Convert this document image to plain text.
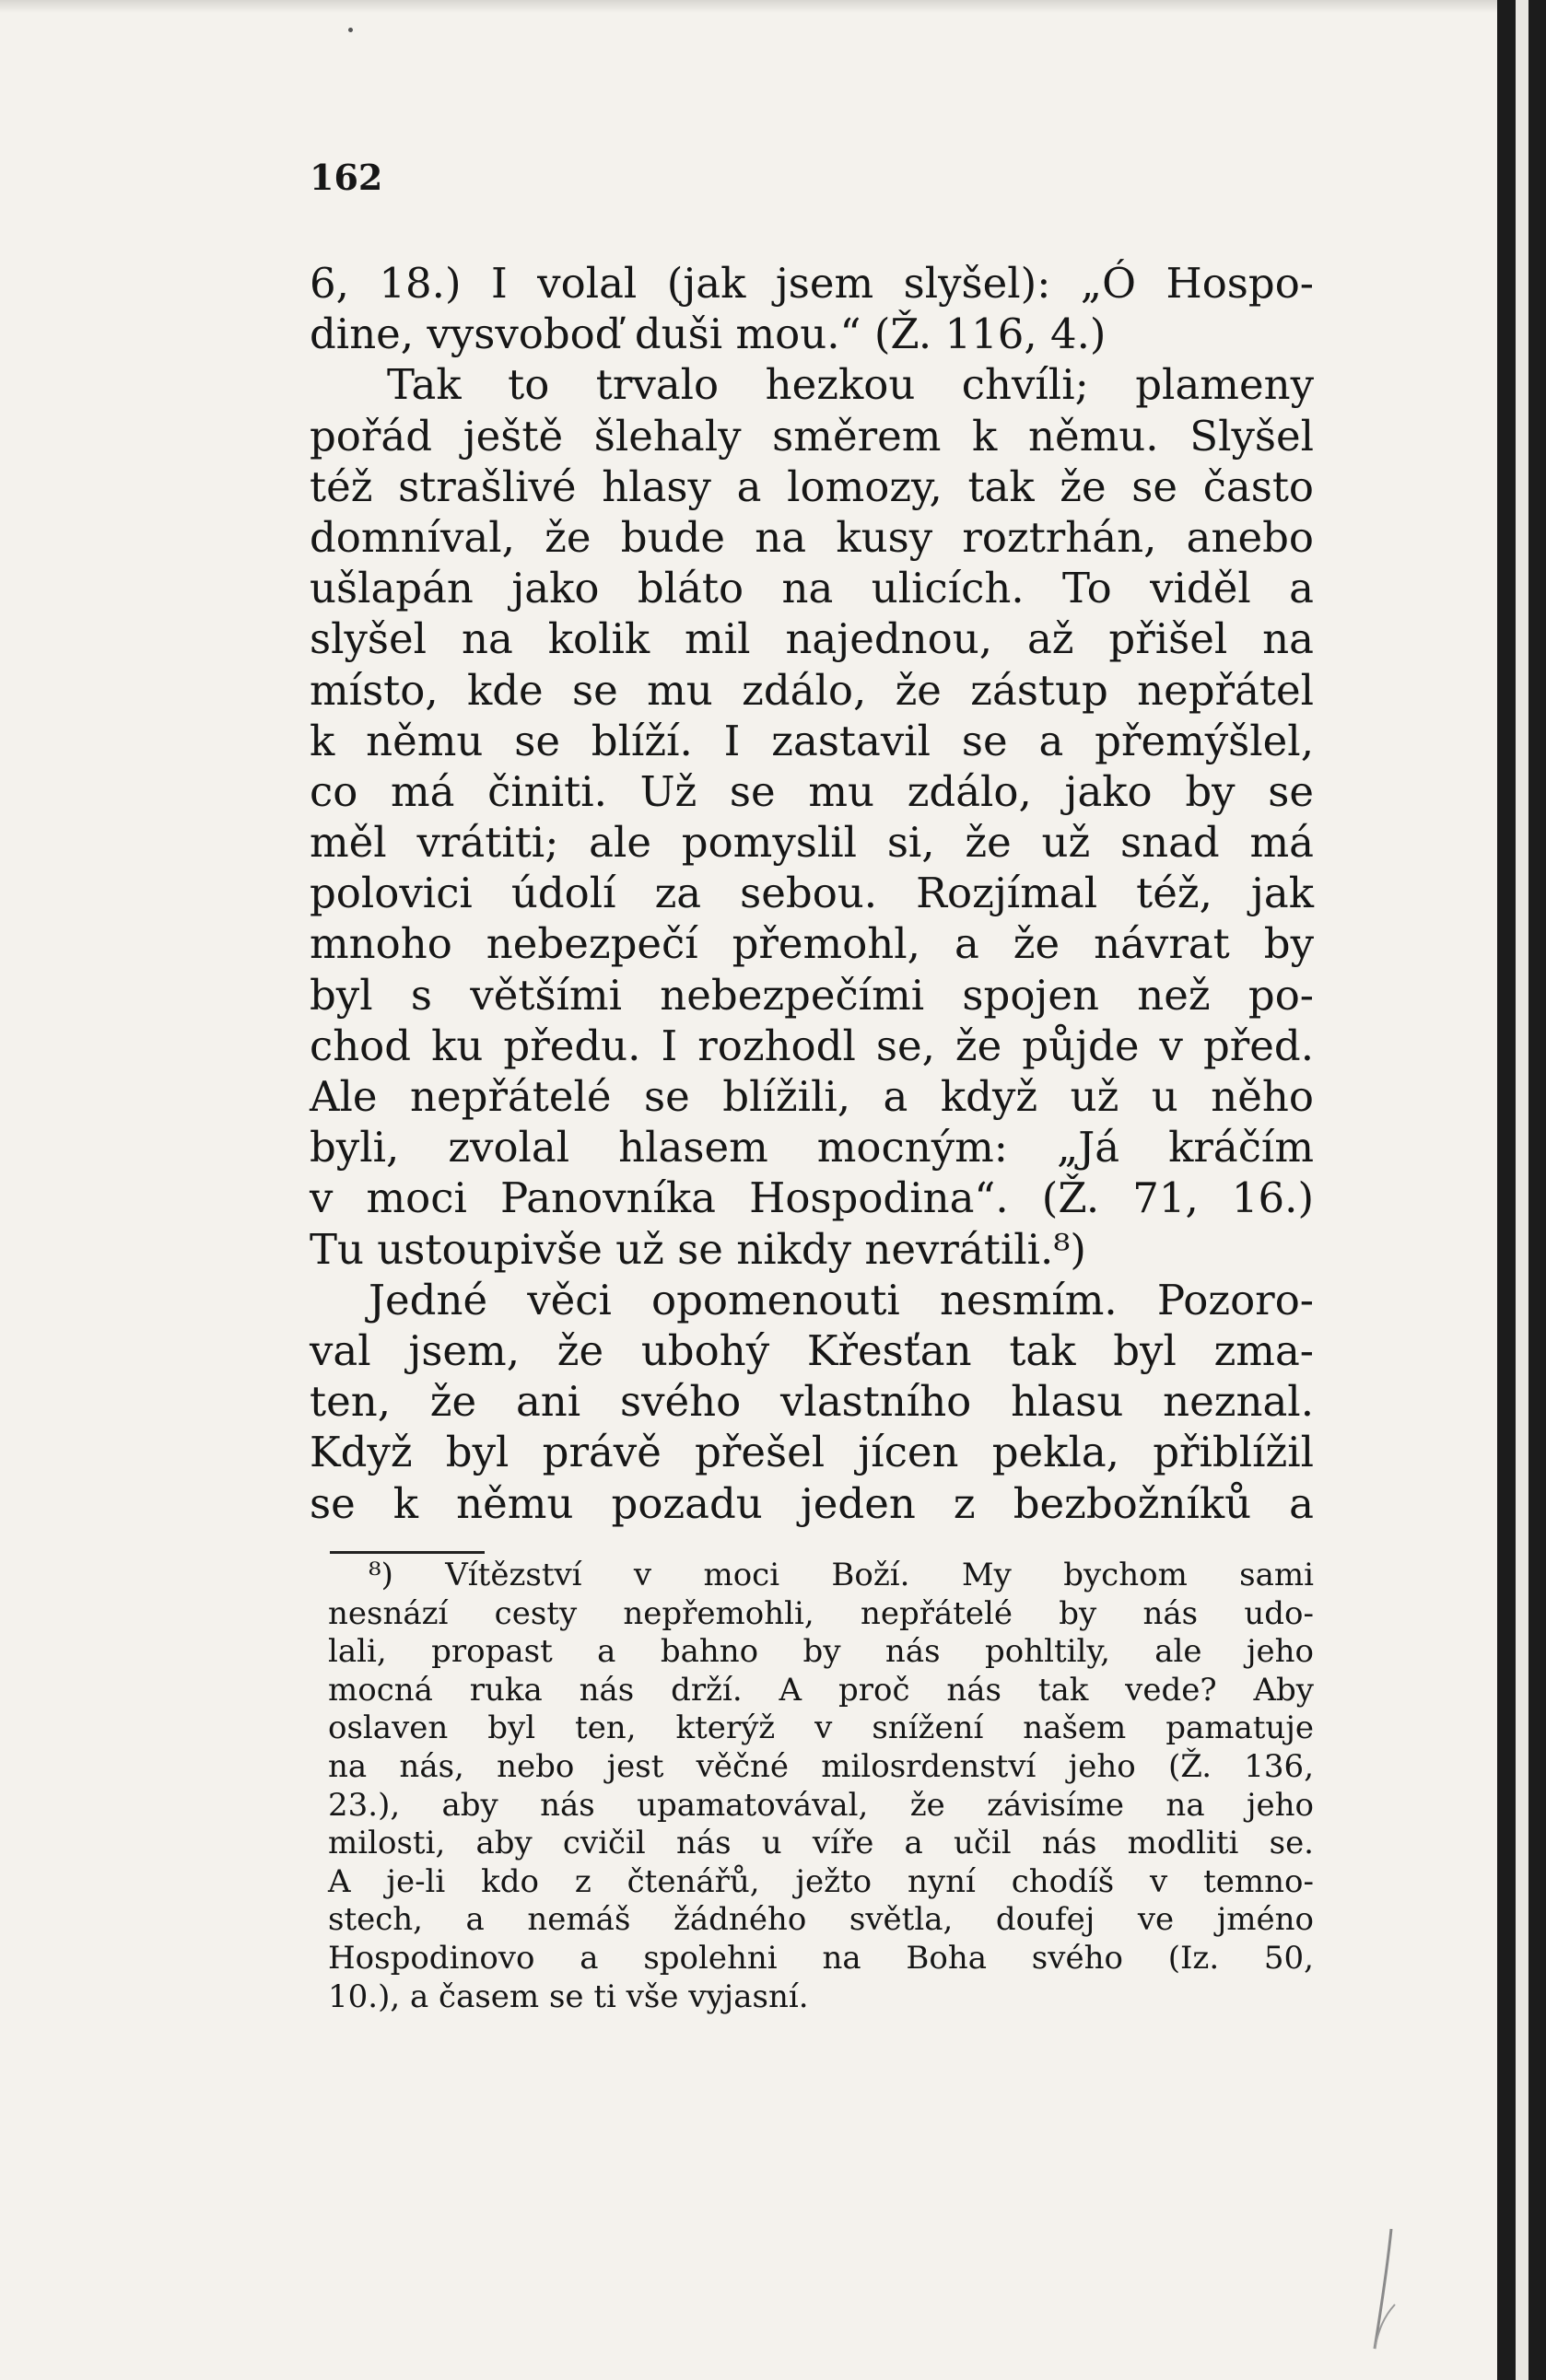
162
6, 18.) I volal (jak jsem slyšel): „Ó Hospo-
dine, vysvoboď duši mou.“ (Ž. 116, 4.)
Tak to trvalo hezkou chvíli; plameny
pořád ještě šlehaly směrem k němu. Slyšel
též strašlivé hlasy a lomozy, tak že se často
domníval, že bude na kusy roztrhán, anebo
ušlapán jako bláto na ulicích. To viděl a
slyšel na kolik mil najednou, až přišel na
místo, kde se mu zdálo, že zástup nepřátel
k němu se blíží. I zastavil se a přemýšlel,
co má činiti. Už se mu zdálo, jako by se
měl vrátiti; ale pomyslil si, že už snad má
polovici údolí za sebou. Rozjímal též, jak
mnoho nebezpečí přemohl, a že návrat by
byl s většími nebezpečími spojen než po-
chod ku předu. I rozhodl se, že půjde v před.
Ale nepřátelé se blížili, a když už u něho
byli, zvolal hlasem mocným: „Já kráčím
v moci Panovníka Hospodina“. (Ž. 71, 16.)
Tu ustoupivše už se nikdy nevrátili.⁸)
Jedné věci opomenouti nesmím. Pozoro-
val jsem, že ubohý Křesťan tak byl zma-
ten, že ani svého vlastního hlasu neznal.
Když byl právě přešel jícen pekla, přiblížil
se k němu pozadu jeden z bezbožníků a
⁸) Vítězství v moci Boží. My bychom sami
nesnází cesty nepřemohli, nepřátelé by nás udo-
lali, propast a bahno by nás pohltily, ale jeho
mocná ruka nás drží. A proč nás tak vede? Aby
oslaven byl ten, kterýž v snížení našem pamatuje
na nás, nebo jest věčné milosrdenství jeho (Ž. 136,
23.), aby nás upamatovával, že závisíme na jeho
milosti, aby cvičil nás u víře a učil nás modliti se.
A je-li kdo z čtenářů, ježto nyní chodíš v temno-
stech, a nemáš žádného světla, doufej ve jméno
Hospodinovo a spolehni na Boha svého (Iz. 50,
10.), a časem se ti vše vyjasní.
